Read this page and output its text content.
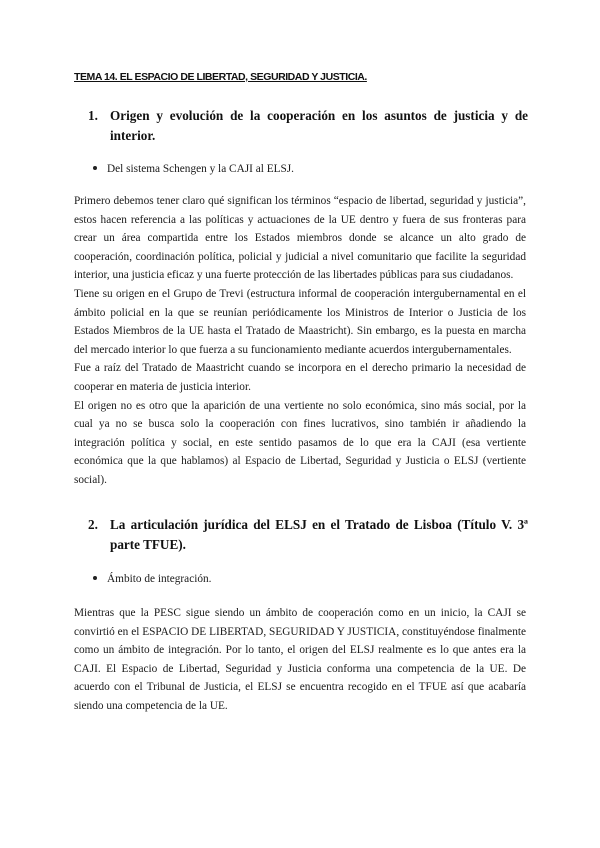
TEMA 14. EL ESPACIO DE LIBERTAD, SEGURIDAD Y JUSTICIA.
1. Origen y evolución de la cooperación en los asuntos de justicia y de interior.
Del sistema Schengen y la CAJI al ELSJ.

Primero debemos tener claro qué significan los términos “espacio de libertad, seguridad y justicia”, estos hacen referencia a las políticas y actuaciones de la UE dentro y fuera de sus fronteras para crear un área compartida entre los Estados miembros donde se alcance un alto grado de cooperación, coordinación política, policial y judicial a nivel comunitario que facilite la seguridad interior, una justicia eficaz y una fuerte protección de las libertades públicas para sus ciudadanos.

Tiene su origen en el Grupo de Trevi (estructura informal de cooperación intergubernamental en el ámbito policial en la que se reunían periódicamente los Ministros de Interior o Justicia de los Estados Miembros de la UE hasta el Tratado de Maastricht). Sin embargo, es la puesta en marcha del mercado interior lo que fuerza a su funcionamiento mediante acuerdos intergubernamentales.

Fue a raíz del Tratado de Maastricht cuando se incorpora en el derecho primario la necesidad de cooperar en materia de justicia interior.

El origen no es otro que la aparición de una vertiente no solo económica, sino más social, por la cual ya no se busca solo la cooperación con fines lucrativos, sino también ir añadiendo la integración política y social, en este sentido pasamos de lo que era la CAJI (esa vertiente económica que la que hablamos) al Espacio de Libertad, Seguridad y Justicia o ELSJ (vertiente social).

2. La articulación jurídica del ELSJ en el Tratado de Lisboa (Título V. 3ª parte TFUE).
Ámbito de integración.

Mientras que la PESC sigue siendo un ámbito de cooperación como en un inicio, la CAJI se convirtió en el ESPACIO DE LIBERTAD, SEGURIDAD Y JUSTICIA, constituyéndose finalmente como un ámbito de integración. Por lo tanto, el origen del ELSJ realmente es lo que antes era la CAJI. El Espacio de Libertad, Seguridad y Justicia conforma una competencia de la UE. De acuerdo con el Tribunal de Justicia, el ELSJ se encuentra recogido en el TFUE así que acabaría siendo una competencia de la UE.
